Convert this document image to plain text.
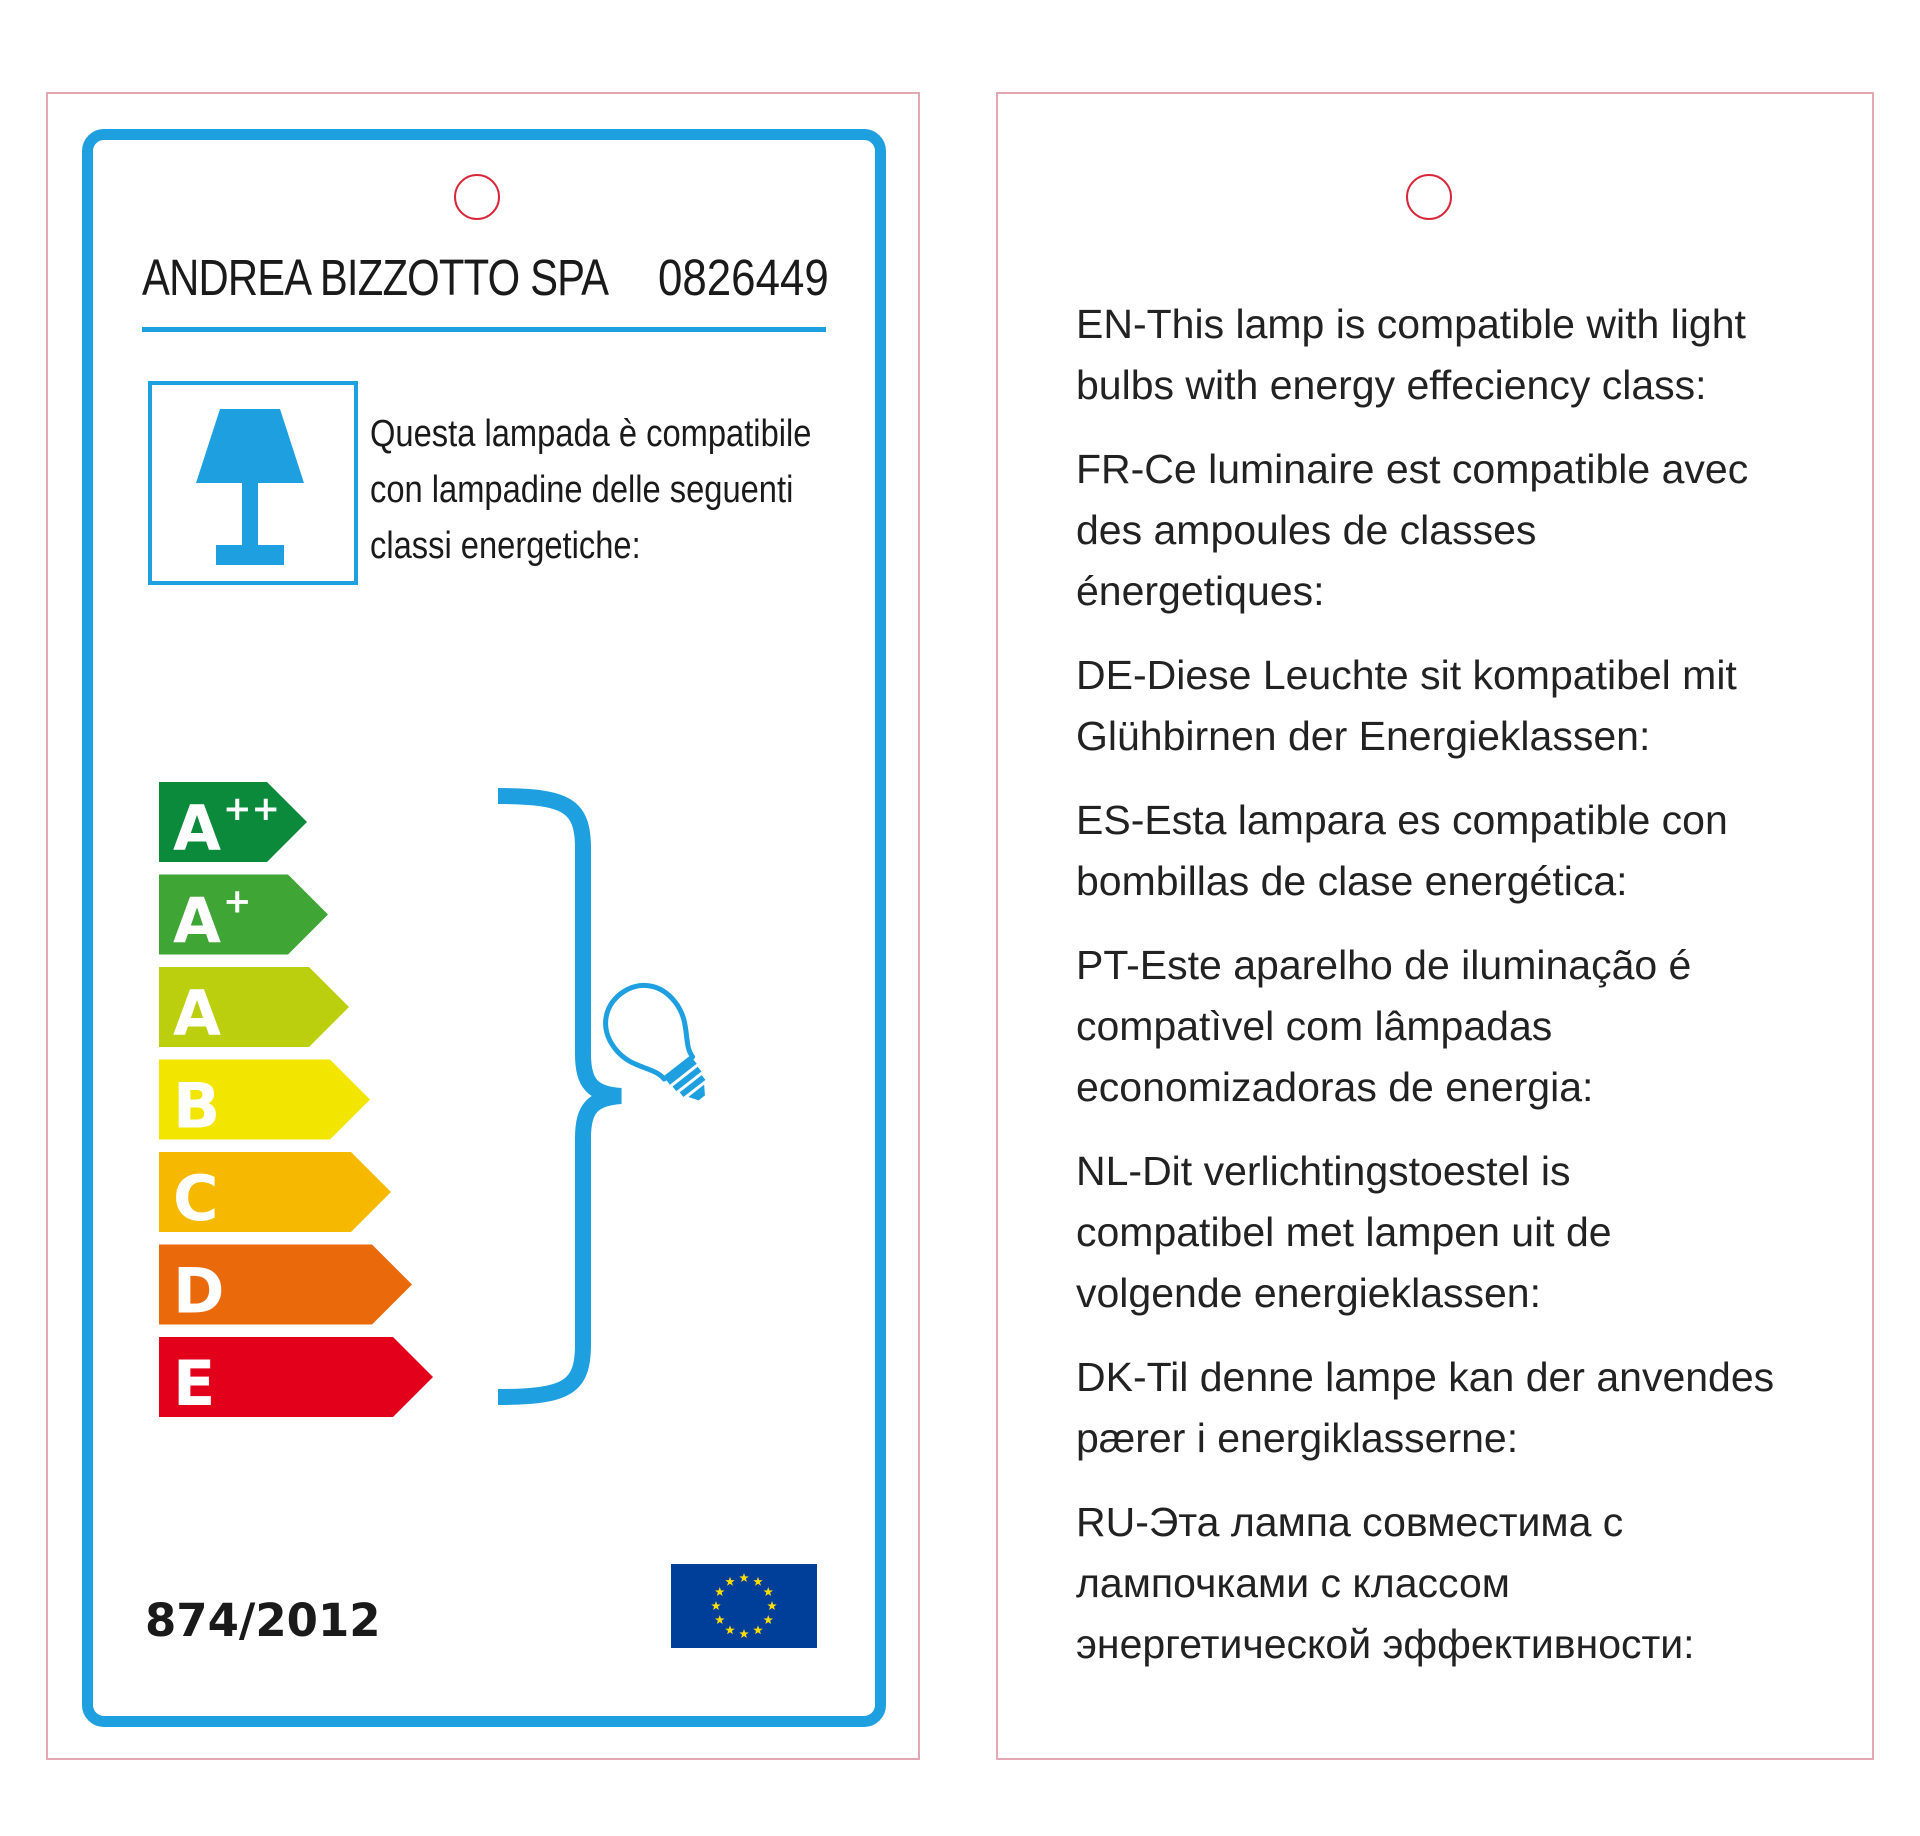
ANDREA BIZZOTTO SPA 0826449
Questa lampada è compatibile
con lampadine delle seguenti
classi energetiche:
A++
A+
A
B
C
D
E
874/2012
EN-This lamp is compatible with light
bulbs with energy effeciency class:
FR-Ce luminaire est compatible avec
des ampoules de classes
énergetiques:
DE-Diese Leuchte sit kompatibel mit
Glühbirnen der Energieklassen:
ES-Esta lampara es compatible con
bombillas de clase energética:
PT-Este aparelho de iluminação é
compatìvel com lâmpadas
economizadoras de energia:
NL-Dit verlichtingstoestel is
compatibel met lampen uit de
volgende energieklassen:
DK-Til denne lampe kan der anvendes
pærer i energiklasserne:
RU-Эта лампа совместима с
лампочками с классом
энергетической эффективности:
